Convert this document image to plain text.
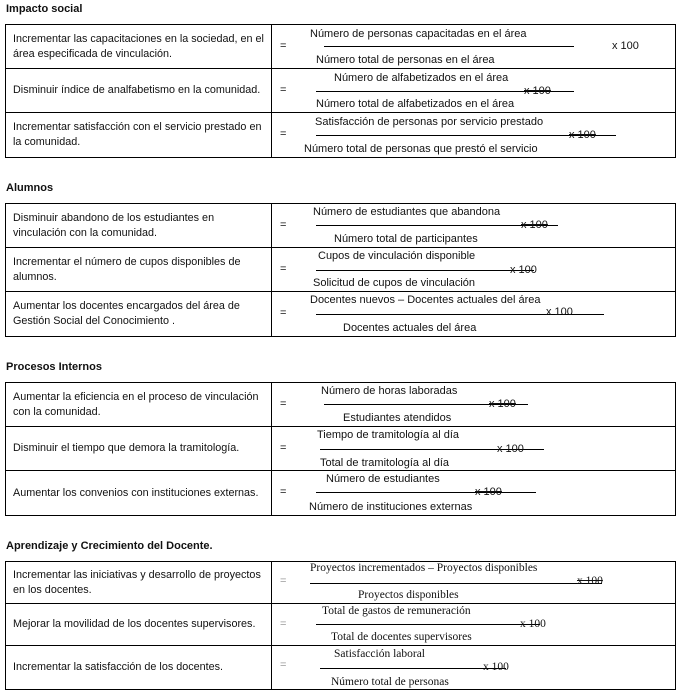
Impacto social
Incrementar las capacitaciones en la sociedad, en el área especificada de vinculación.	=
Número de personas capacitadas en el área
Número total de personas en el área
x 100

Disminuir índice de analfabetismo en la comunidad.	=
Número de alfabetizados en el área
x 100
Número total de alfabetizados en el área

Incrementar satisfacción con el servicio prestado en la comunidad.	=
Satisfacción de personas por servicio prestado
x 100
Número total de personas que prestó el servicio
Alumnos
Disminuir abandono de los estudiantes en vinculación con la comunidad.	=
Número de estudiantes que abandona
x 100
Número total de participantes

Incrementar el número de cupos disponibles de alumnos.	=
Cupos de vinculación disponible
x 100
Solicitud de cupos de vinculación

Aumentar los docentes encargados del área de Gestión Social del Conocimiento .	=
Docentes nuevos – Docentes actuales del área
x 100
Docentes actuales del área
Procesos Internos
Aumentar la eficiencia en el proceso de vinculación con la comunidad.	=
Número de horas laboradas
x 100
Estudiantes atendidos

Disminuir el tiempo que demora la tramitología.	=
Tiempo de tramitología al día
x 100
Total de tramitología al día

Aumentar los convenios con instituciones externas.	=
Número de estudiantes
x 100
Número de instituciones externas
Aprendizaje y Crecimiento del Docente.
Incrementar las iniciativas y desarrollo de proyectos en los docentes.	=
Proyectos incrementados – Proyectos disponibles
x 100
Proyectos disponibles

Mejorar la movilidad de los docentes supervisores.	=
Total de gastos de remuneración
x 100
Total de docentes supervisores

Incrementar la satisfacción de los docentes.	=
Satisfacción laboral
x 100
Número total de personas
